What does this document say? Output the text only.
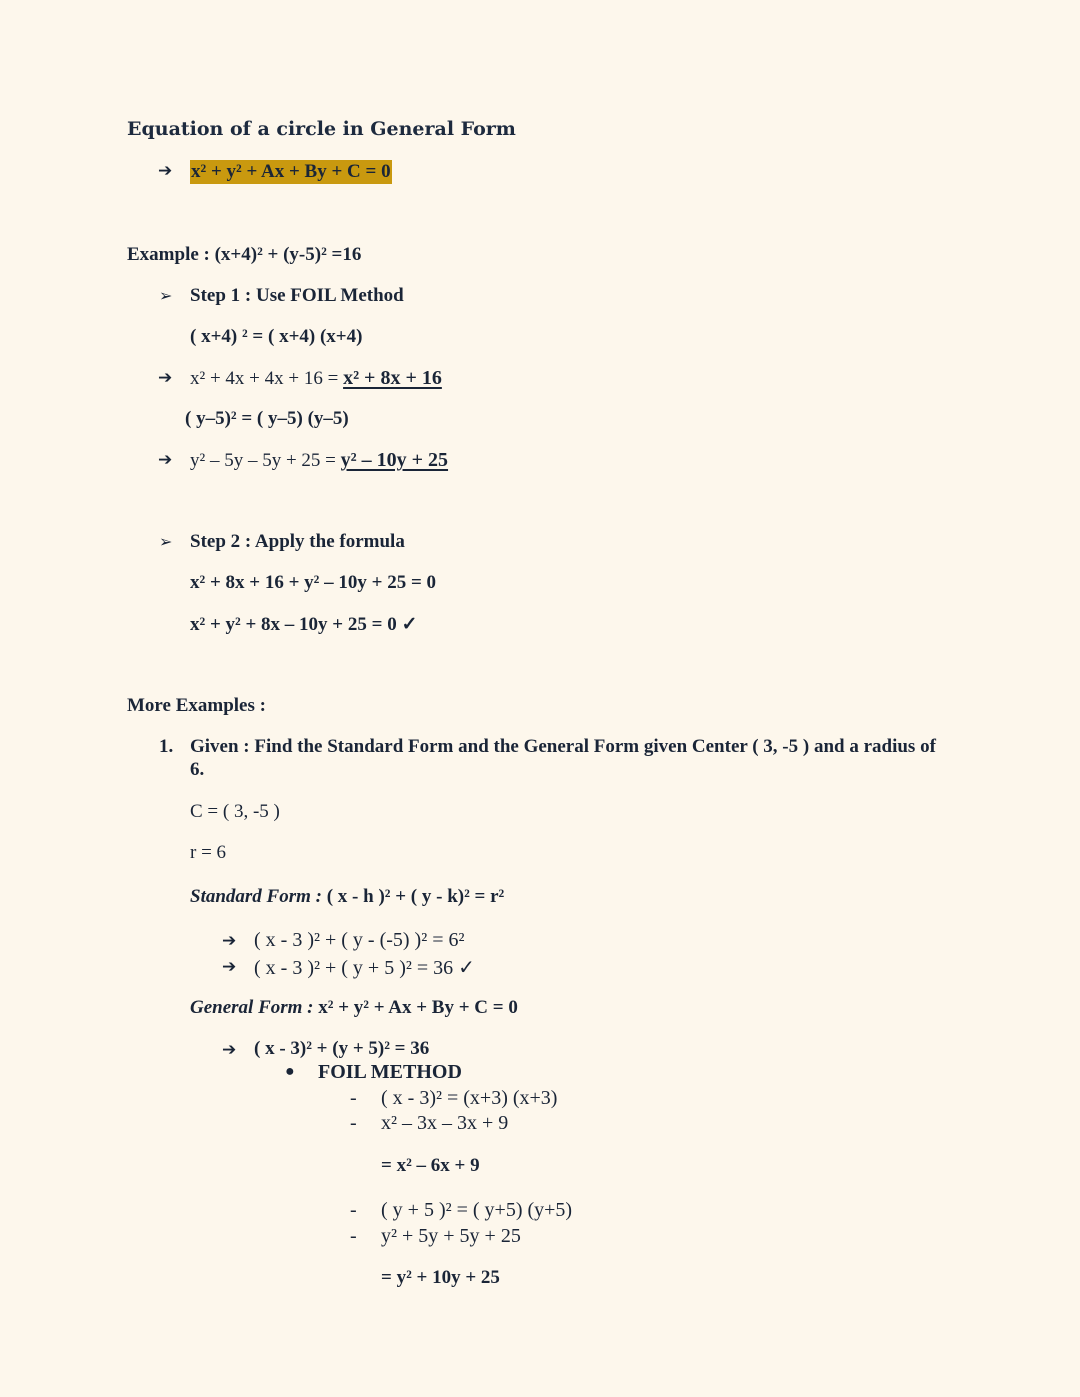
Equation of a circle in General Form
➔ x² + y² + Ax + By + C = 0
Example : (x+4)² + (y-5)² =16
➢ Step 1 : Use FOIL Method
( x+4) ² = ( x+4) (x+4)
➔ x² + 4x + 4x + 16 = x² + 8x + 16
( y–5)² = ( y–5) (y–5)
➔ y² – 5y – 5y + 25 = y² – 10y + 25
➢ Step 2 : Apply the formula
x² + 8x + 16 + y² – 10y + 25 = 0
x² + y² + 8x – 10y + 25 = 0 ✓
More Examples :
1. Given : Find the Standard Form and the General Form given Center ( 3, -5 ) and a radius of
6.
C = ( 3, -5 )
r = 6
Standard Form : ( x - h )² + ( y - k)² = r²
➔ ( x - 3 )² + ( y - (-5) )² = 6²
➔ ( x - 3 )² + ( y + 5 )² = 36 ✓
General Form : x² + y² + Ax + By + C = 0
➔ ( x - 3)² + (y + 5)² = 36
● FOIL METHOD
- ( x - 3)² = (x+3) (x+3)
- x² – 3x – 3x + 9
= x² – 6x + 9
- ( y + 5 )² = ( y+5) (y+5)
- y² + 5y + 5y + 25
= y² + 10y + 25
